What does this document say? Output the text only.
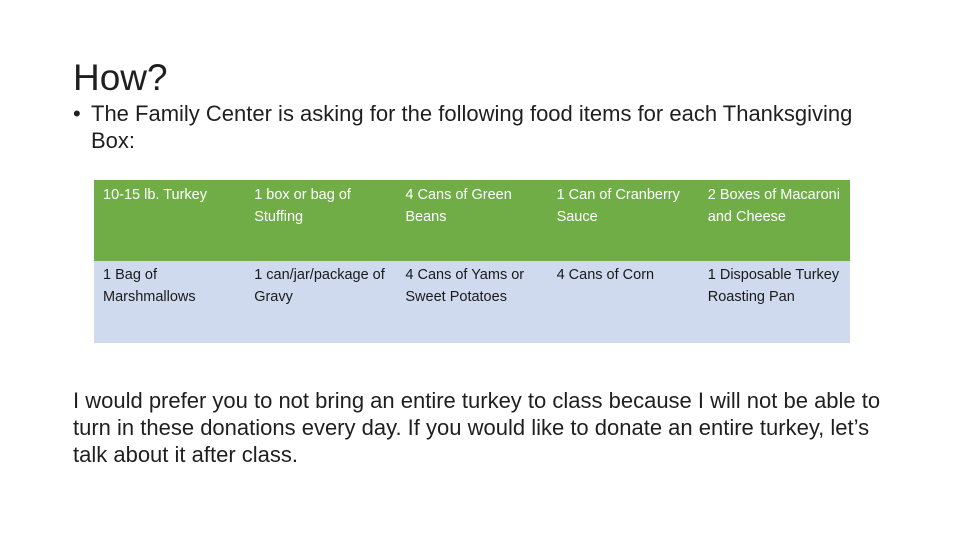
How?
• The Family Center is asking for the following food items for each Thanksgiving Box:
10-15 lb. Turkey	1 box or bag of Stuffing	4 Cans of Green Beans	1 Can of Cranberry Sauce	2 Boxes of Macaroni and Cheese
1 Bag of Marshmallows	1 can/jar/package of Gravy	4 Cans of Yams or Sweet Potatoes	4 Cans of Corn	1 Disposable Turkey Roasting Pan

I would prefer you to not bring an entire turkey to class because I will not be able to turn in these donations every day. If you would like to donate an entire turkey, let’s talk about it after class.
